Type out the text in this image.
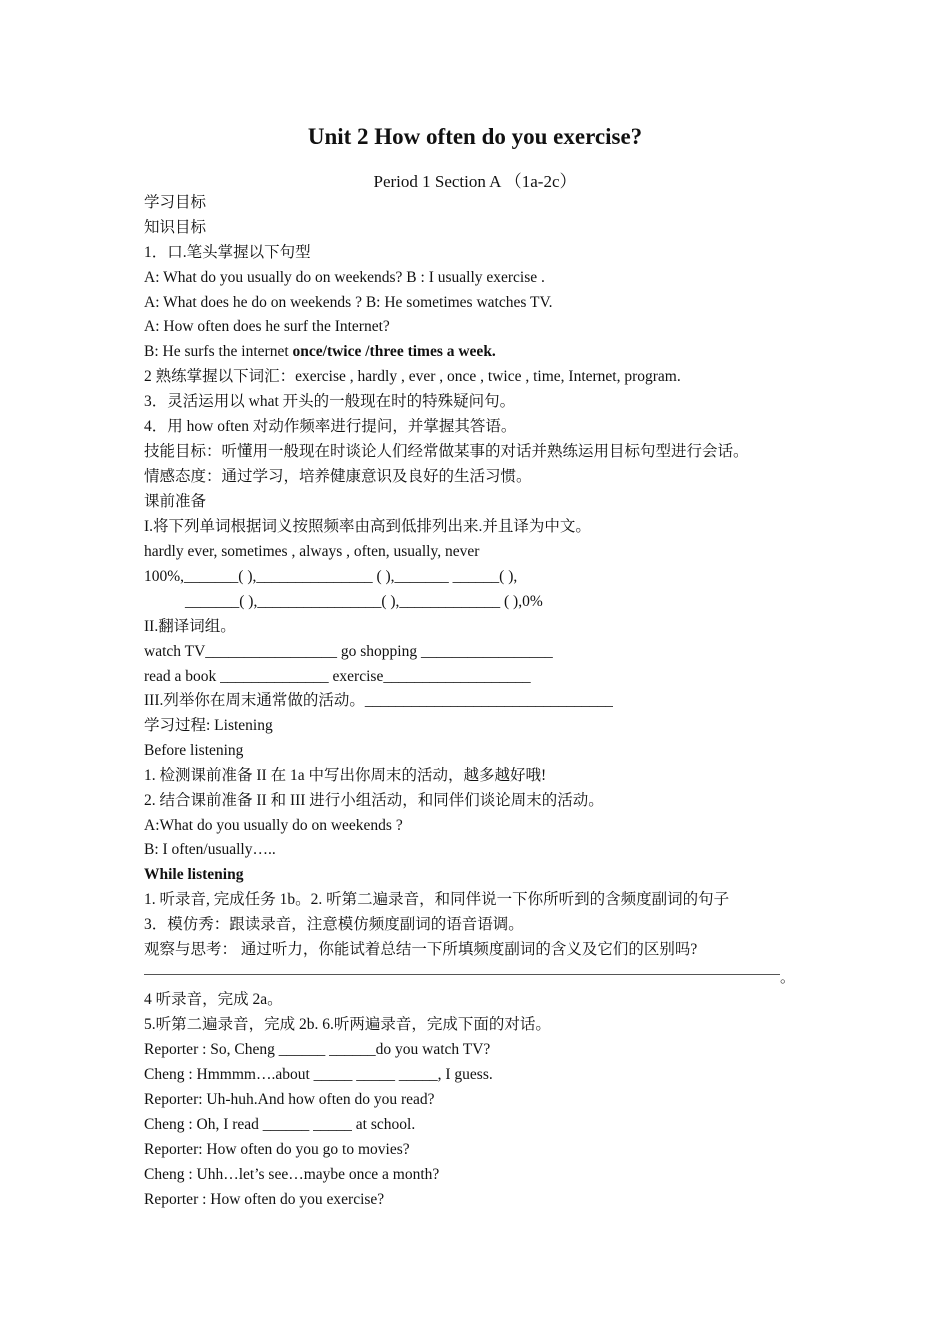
Unit 2 How often do you exercise?
Period 1 Section A （1a-2c）
学习目标
知识目标
1．口.笔头掌握以下句型
A: What do you usually do on weekends? B : I usually exercise .
A: What does he do on weekends ? B: He sometimes watches TV.
A: How often does he surf the Internet?
B: He surfs the internet once/twice /three times a week.
2 熟练掌握以下词汇：exercise , hardly , ever , once , twice , time, Internet, program.
3．灵活运用以 what 开头的一般现在时的特殊疑问句。
4．用 how often 对动作频率进行提问，并掌握其答语。
技能目标：听懂用一般现在时谈论人们经常做某事的对话并熟练运用目标句型进行会话。
情感态度：通过学习，培养健康意识及良好的生活习惯。
课前准备
I.将下列单词根据词义按照频率由高到低排列出来.并且译为中文。
hardly ever, sometimes , always , often, usually, never
100%,_______( ),_______________ ( ),_______ ______( ),
_______( ),________________( ),_____________ ( ),0%
II.翻译词组。
watch TV_________________ go shopping _________________
read a book ______________ exercise___________________
III.列举你在周末通常做的活动。________________________________
学习过程: Listening
Before listening
1. 检测课前准备 II 在 1a 中写出你周末的活动，越多越好哦!
2. 结合课前准备 II 和 III 进行小组活动，和同伴们谈论周末的活动。
A:What do you usually do on weekends ?
B: I often/usually…..
While listening
1. 听录音, 完成任务 1b。2. 听第二遍录音，和同伴说一下你所听到的含频度副词的句子
3．模仿秀：跟读录音，注意模仿频度副词的语音语调。
观察与思考： 通过听力，你能试着总结一下所填频度副词的含义及它们的区别吗?
。
4 听录音，完成 2a。
5.听第二遍录音，完成 2b. 6.听两遍录音，完成下面的对话。
Reporter : So, Cheng ______ ______do you watch TV?
Cheng : Hmmmm….about _____ _____ _____, I guess.
Reporter: Uh-huh.And how often do you read?
Cheng : Oh, I read ______ _____ at school.
Reporter: How often do you go to movies?
Cheng : Uhh…let’s see…maybe once a month?
Reporter : How often do you exercise?
